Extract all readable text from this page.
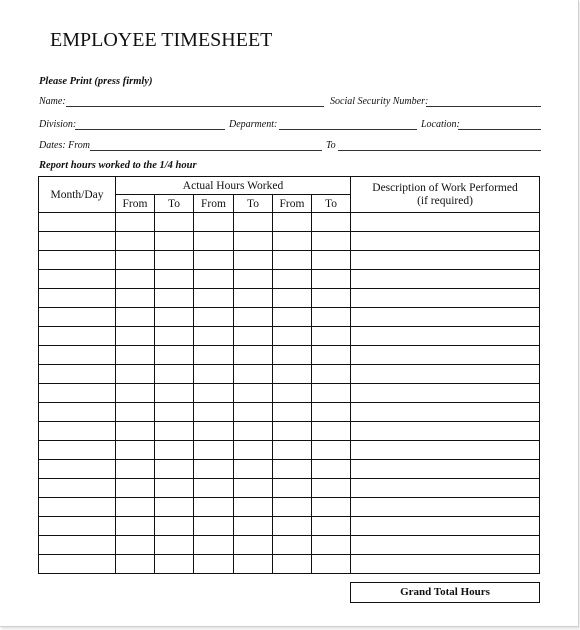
EMPLOYEE TIMESHEET
Please Print (press firmly)
Name:	Social Security Number:
Division:	Deparment:	Location:
Dates: From	To
Report hours worked to the 1/4 hour
Month/Day	Actual Hours Worked						Description of Work Performed
(if required)
	From	To	From	To	From	To	

Grand Total Hours
